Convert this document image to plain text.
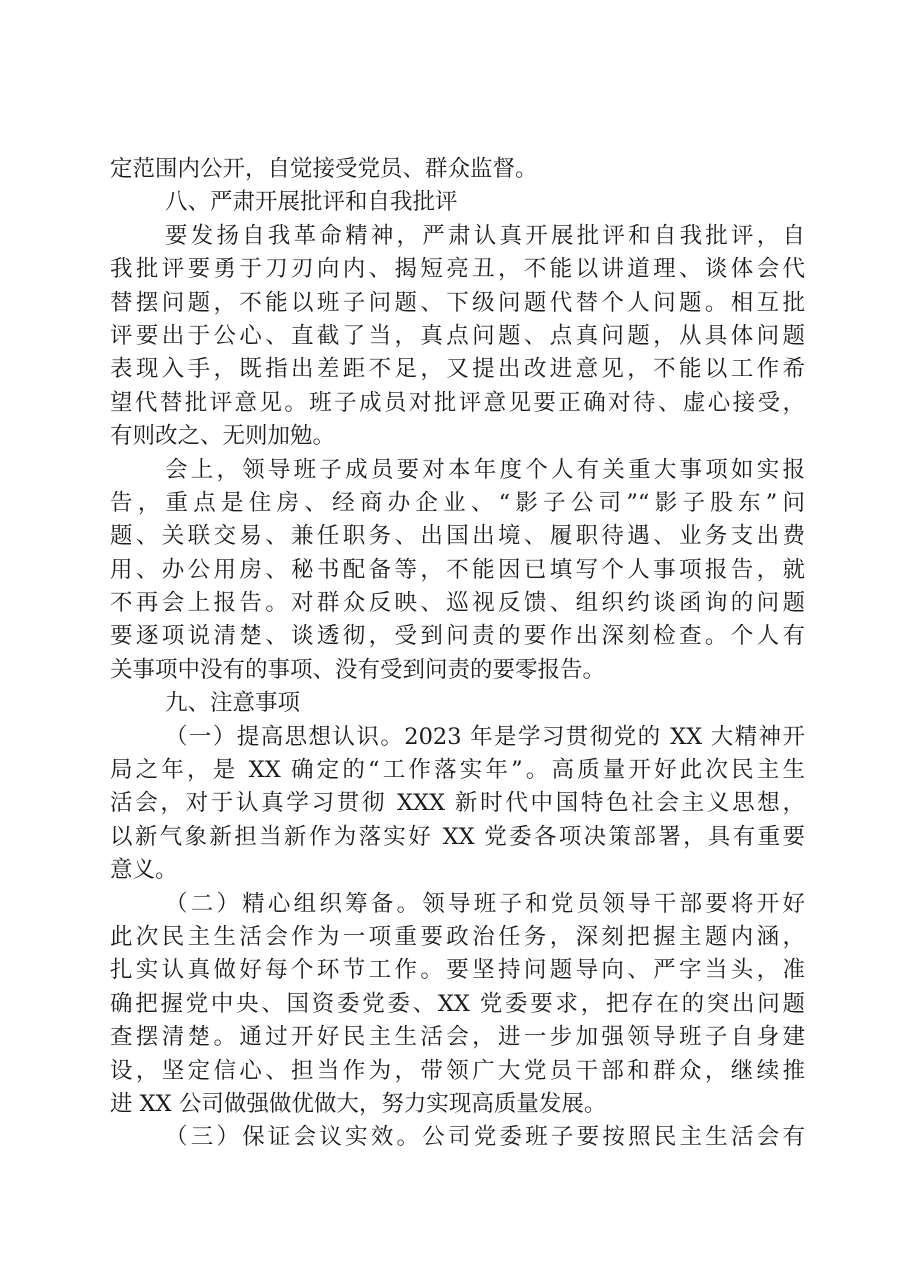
定范围内公开，自觉接受党员、群众监督。
八、严肃开展批评和自我批评
要发扬自我革命精神，严肃认真开展批评和自我批评，自
我批评要勇于刀刃向内、揭短亮丑，不能以讲道理、谈体会代
替摆问题，不能以班子问题、下级问题代替个人问题。相互批
评要出于公心、直截了当，真点问题、点真问题，从具体问题
表现入手，既指出差距不足，又提出改进意见，不能以工作希
望代替批评意见。班子成员对批评意见要正确对待、虚心接受，
有则改之、无则加勉。
会上，领导班子成员要对本年度个人有关重大事项如实报
告，重点是住房、经商办企业、“影子公司”“影子股东”问
题、关联交易、兼任职务、出国出境、履职待遇、业务支出费
用、办公用房、秘书配备等，不能因已填写个人事项报告，就
不再会上报告。对群众反映、巡视反馈、组织约谈函询的问题
要逐项说清楚、谈透彻，受到问责的要作出深刻检查。个人有
关事项中没有的事项、没有受到问责的要零报告。
九、注意事项
（一）提高思想认识。2023 年是学习贯彻党的 XX 大精神开
局之年，是 XX 确定的“工作落实年”。高质量开好此次民主生
活会，对于认真学习贯彻 XXX 新时代中国特色社会主义思想，
以新气象新担当新作为落实好 XX 党委各项决策部署，具有重要
意义。
（二）精心组织筹备。领导班子和党员领导干部要将开好
此次民主生活会作为一项重要政治任务，深刻把握主题内涵，
扎实认真做好每个环节工作。要坚持问题导向、严字当头，准
确把握党中央、国资委党委、XX 党委要求，把存在的突出问题
查摆清楚。通过开好民主生活会，进一步加强领导班子自身建
设，坚定信心、担当作为，带领广大党员干部和群众，继续推
进 XX 公司做强做优做大，努力实现高质量发展。
（三）保证会议实效。公司党委班子要按照民主生活会有
